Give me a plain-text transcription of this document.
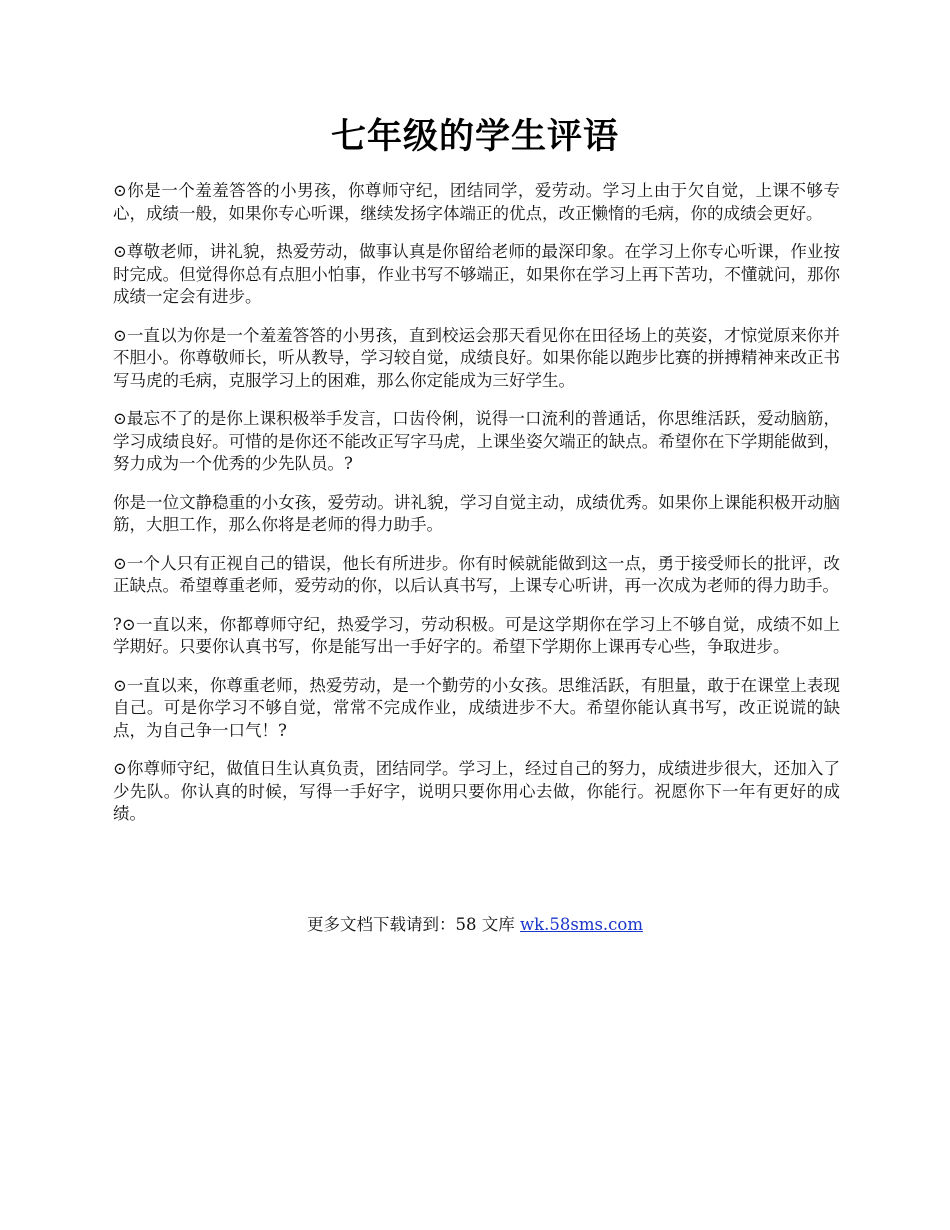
七年级的学生评语

⊙你是一个羞羞答答的小男孩，你尊师守纪，团结同学，爱劳动。学习上由于欠自觉，上课不够专心，成绩一般，如果你专心听课，继续发扬字体端正的优点，改正懒惰的毛病，你的成绩会更好。

⊙尊敬老师，讲礼貌，热爱劳动，做事认真是你留给老师的最深印象。在学习上你专心听课，作业按时完成。但觉得你总有点胆小怕事，作业书写不够端正，如果你在学习上再下苦功，不懂就问，那你成绩一定会有进步。

⊙一直以为你是一个羞羞答答的小男孩，直到校运会那天看见你在田径场上的英姿，才惊觉原来你并不胆小。你尊敬师长，听从教导，学习较自觉，成绩良好。如果你能以跑步比赛的拼搏精神来改正书写马虎的毛病，克服学习上的困难，那么你定能成为三好学生。

⊙最忘不了的是你上课积极举手发言，口齿伶俐，说得一口流利的普通话，你思维活跃，爱动脑筋，学习成绩良好。可惜的是你还不能改正写字马虎，上课坐姿欠端正的缺点。希望你在下学期能做到，努力成为一个优秀的少先队员。?

你是一位文静稳重的小女孩，爱劳动。讲礼貌，学习自觉主动，成绩优秀。如果你上课能积极开动脑筋，大胆工作，那么你将是老师的得力助手。

⊙一个人只有正视自己的错误，他长有所进步。你有时候就能做到这一点，勇于接受师长的批评，改正缺点。希望尊重老师，爱劳动的你，以后认真书写，上课专心听讲，再一次成为老师的得力助手。

?⊙一直以来，你都尊师守纪，热爱学习，劳动积极。可是这学期你在学习上不够自觉，成绩不如上学期好。只要你认真书写，你是能写出一手好字的。希望下学期你上课再专心些，争取进步。

⊙一直以来，你尊重老师，热爱劳动，是一个勤劳的小女孩。思维活跃，有胆量，敢于在课堂上表现自己。可是你学习不够自觉，常常不完成作业，成绩进步不大。希望你能认真书写，改正说谎的缺点，为自己争一口气！?

⊙你尊师守纪，做值日生认真负责，团结同学。学习上，经过自己的努力，成绩进步很大，还加入了少先队。你认真的时候，写得一手好字，说明只要你用心去做，你能行。祝愿你下一年有更好的成绩。

更多文档下载请到：58 文库 wk.58sms.com
